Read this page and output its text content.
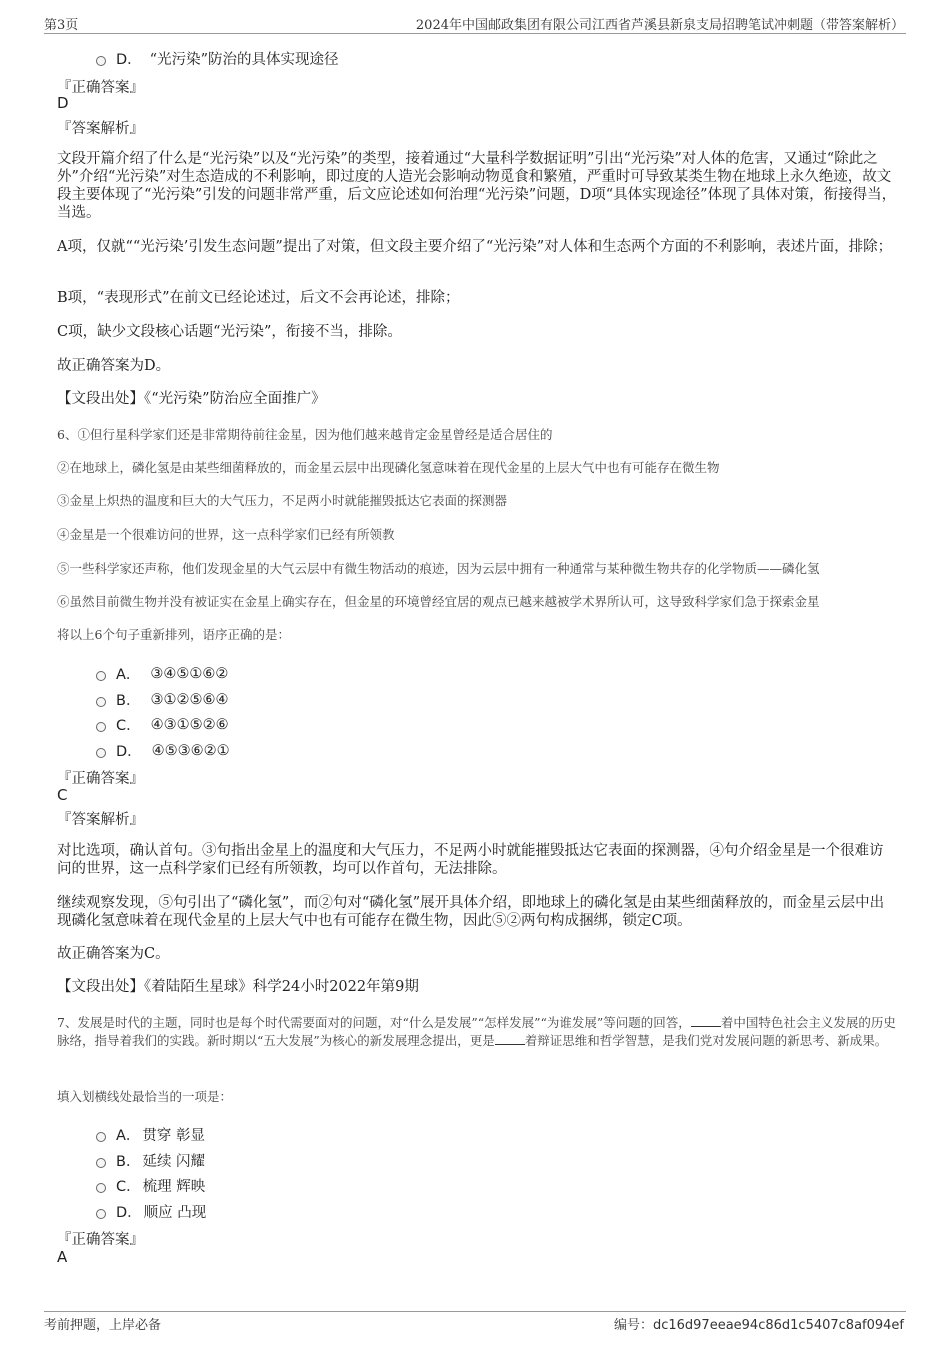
第3页	2024年中国邮政集团有限公司江西省芦溪县新泉支局招聘笔试冲刺题（带答案解析）
D． “光污染”防治的具体实现途径
『正确答案』
D
『答案解析』
文段开篇介绍了什么是“光污染”以及“光污染”的类型，接着通过“大量科学数据证明”引出“光污染”对人体的危害，又通过“除此之外”介绍“光污染”对生态造成的不利影响，即过度的人造光会影响动物觅食和繁殖，严重时可导致某类生物在地球上永久绝迹，故文段主要体现了“光污染”引发的问题非常严重，后文应论述如何治理“光污染”问题，D项“具体实现途径”体现了具体对策，衔接得当，当选。
A项，仅就““光污染’引发生态问题”提出了对策，但文段主要介绍了“光污染”对人体和生态两个方面的不利影响，表述片面，排除；
B项，“表现形式”在前文已经论述过，后文不会再论述，排除；
C项，缺少文段核心话题“光污染”，衔接不当，排除。
故正确答案为D。
【文段出处】《“光污染”防治应全面推广》
6、①但行星科学家们还是非常期待前往金星，因为他们越来越肯定金星曾经是适合居住的
②在地球上，磷化氢是由某些细菌释放的，而金星云层中出现磷化氢意味着在现代金星的上层大气中也有可能存在微生物
③金星上炽热的温度和巨大的大气压力，不足两小时就能摧毁抵达它表面的探测器
④金星是一个很难访问的世界，这一点科学家们已经有所领教
⑤一些科学家还声称，他们发现金星的大气云层中有微生物活动的痕迹，因为云层中拥有一种通常与某种微生物共存的化学物质——磷化氢
⑥虽然目前微生物并没有被证实在金星上确实存在，但金星的环境曾经宜居的观点已越来越被学术界所认可，这导致科学家们急于探索金星
将以上6个句子重新排列，语序正确的是：
A． ③④⑤①⑥②
B． ③①②⑤⑥④
C． ④③①⑤②⑥
D． ④⑤③⑥②①
『正确答案』
C
『答案解析』
对比选项，确认首句。③句指出金星上的温度和大气压力，不足两小时就能摧毁抵达它表面的探测器，④句介绍金星是一个很难访问的世界，这一点科学家们已经有所领教，均可以作首句，无法排除。
继续观察发现，⑤句引出了“磷化氢”，而②句对“磷化氢”展开具体介绍，即地球上的磷化氢是由某些细菌释放的，而金星云层中出现磷化氢意味着在现代金星的上层大气中也有可能存在微生物，因此⑤②两句构成捆绑，锁定C项。
故正确答案为C。
【文段出处】《着陆陌生星球》科学24小时2022年第9期
7、发展是时代的主题，同时也是每个时代需要面对的问题，对“什么是发展”“怎样发展”“为谁发展”等问题的回答， 着中国特色社会主义发展的历史脉络，指导着我们的实践。新时期以“五大发展”为核心的新发展理念提出，更是 着辩证思维和哲学智慧，是我们党对发展问题的新思考、新成果。
填入划横线处最恰当的一项是：
A． 贯穿 彰显
B． 延续 闪耀
C． 梳理 辉映
D． 顺应 凸现
『正确答案』
A
考前押题，上岸必备	编号：dc16d97eeae94c86d1c5407c8af094ef
